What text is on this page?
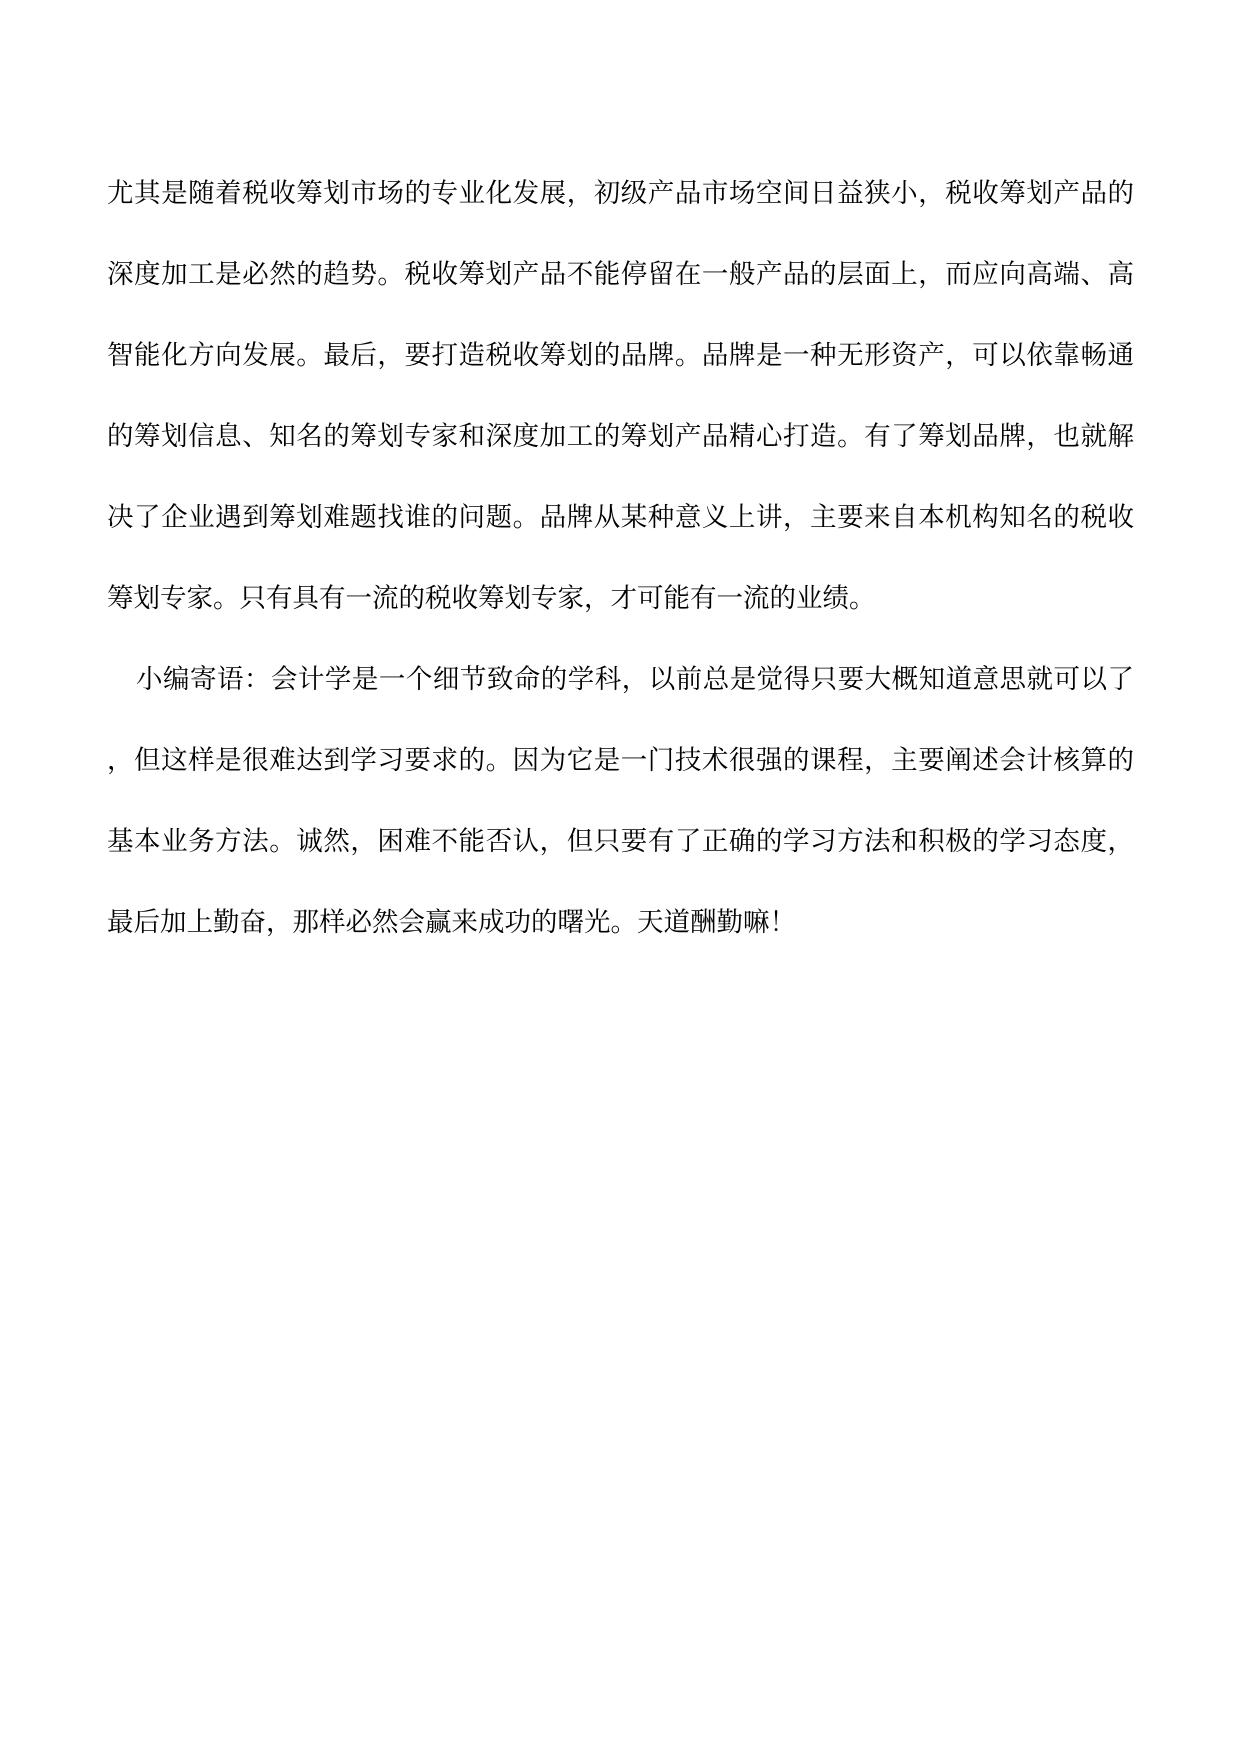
尤其是随着税收筹划市场的专业化发展，初级产品市场空间日益狭小，税收筹划产品的深度加工是必然的趋势。税收筹划产品不能停留在一般产品的层面上，而应向高端、高智能化方向发展。最后，要打造税收筹划的品牌。品牌是一种无形资产，可以依靠畅通的筹划信息、知名的筹划专家和深度加工的筹划产品精心打造。有了筹划品牌，也就解决了企业遇到筹划难题找谁的问题。品牌从某种意义上讲，主要来自本机构知名的税收筹划专家。只有具有一流的税收筹划专家，才可能有一流的业绩。

小编寄语：会计学是一个细节致命的学科，以前总是觉得只要大概知道意思就可以了，但这样是很难达到学习要求的。因为它是一门技术很强的课程，主要阐述会计核算的基本业务方法。诚然，困难不能否认，但只要有了正确的学习方法和积极的学习态度，最后加上勤奋，那样必然会赢来成功的曙光。天道酬勤嘛！
